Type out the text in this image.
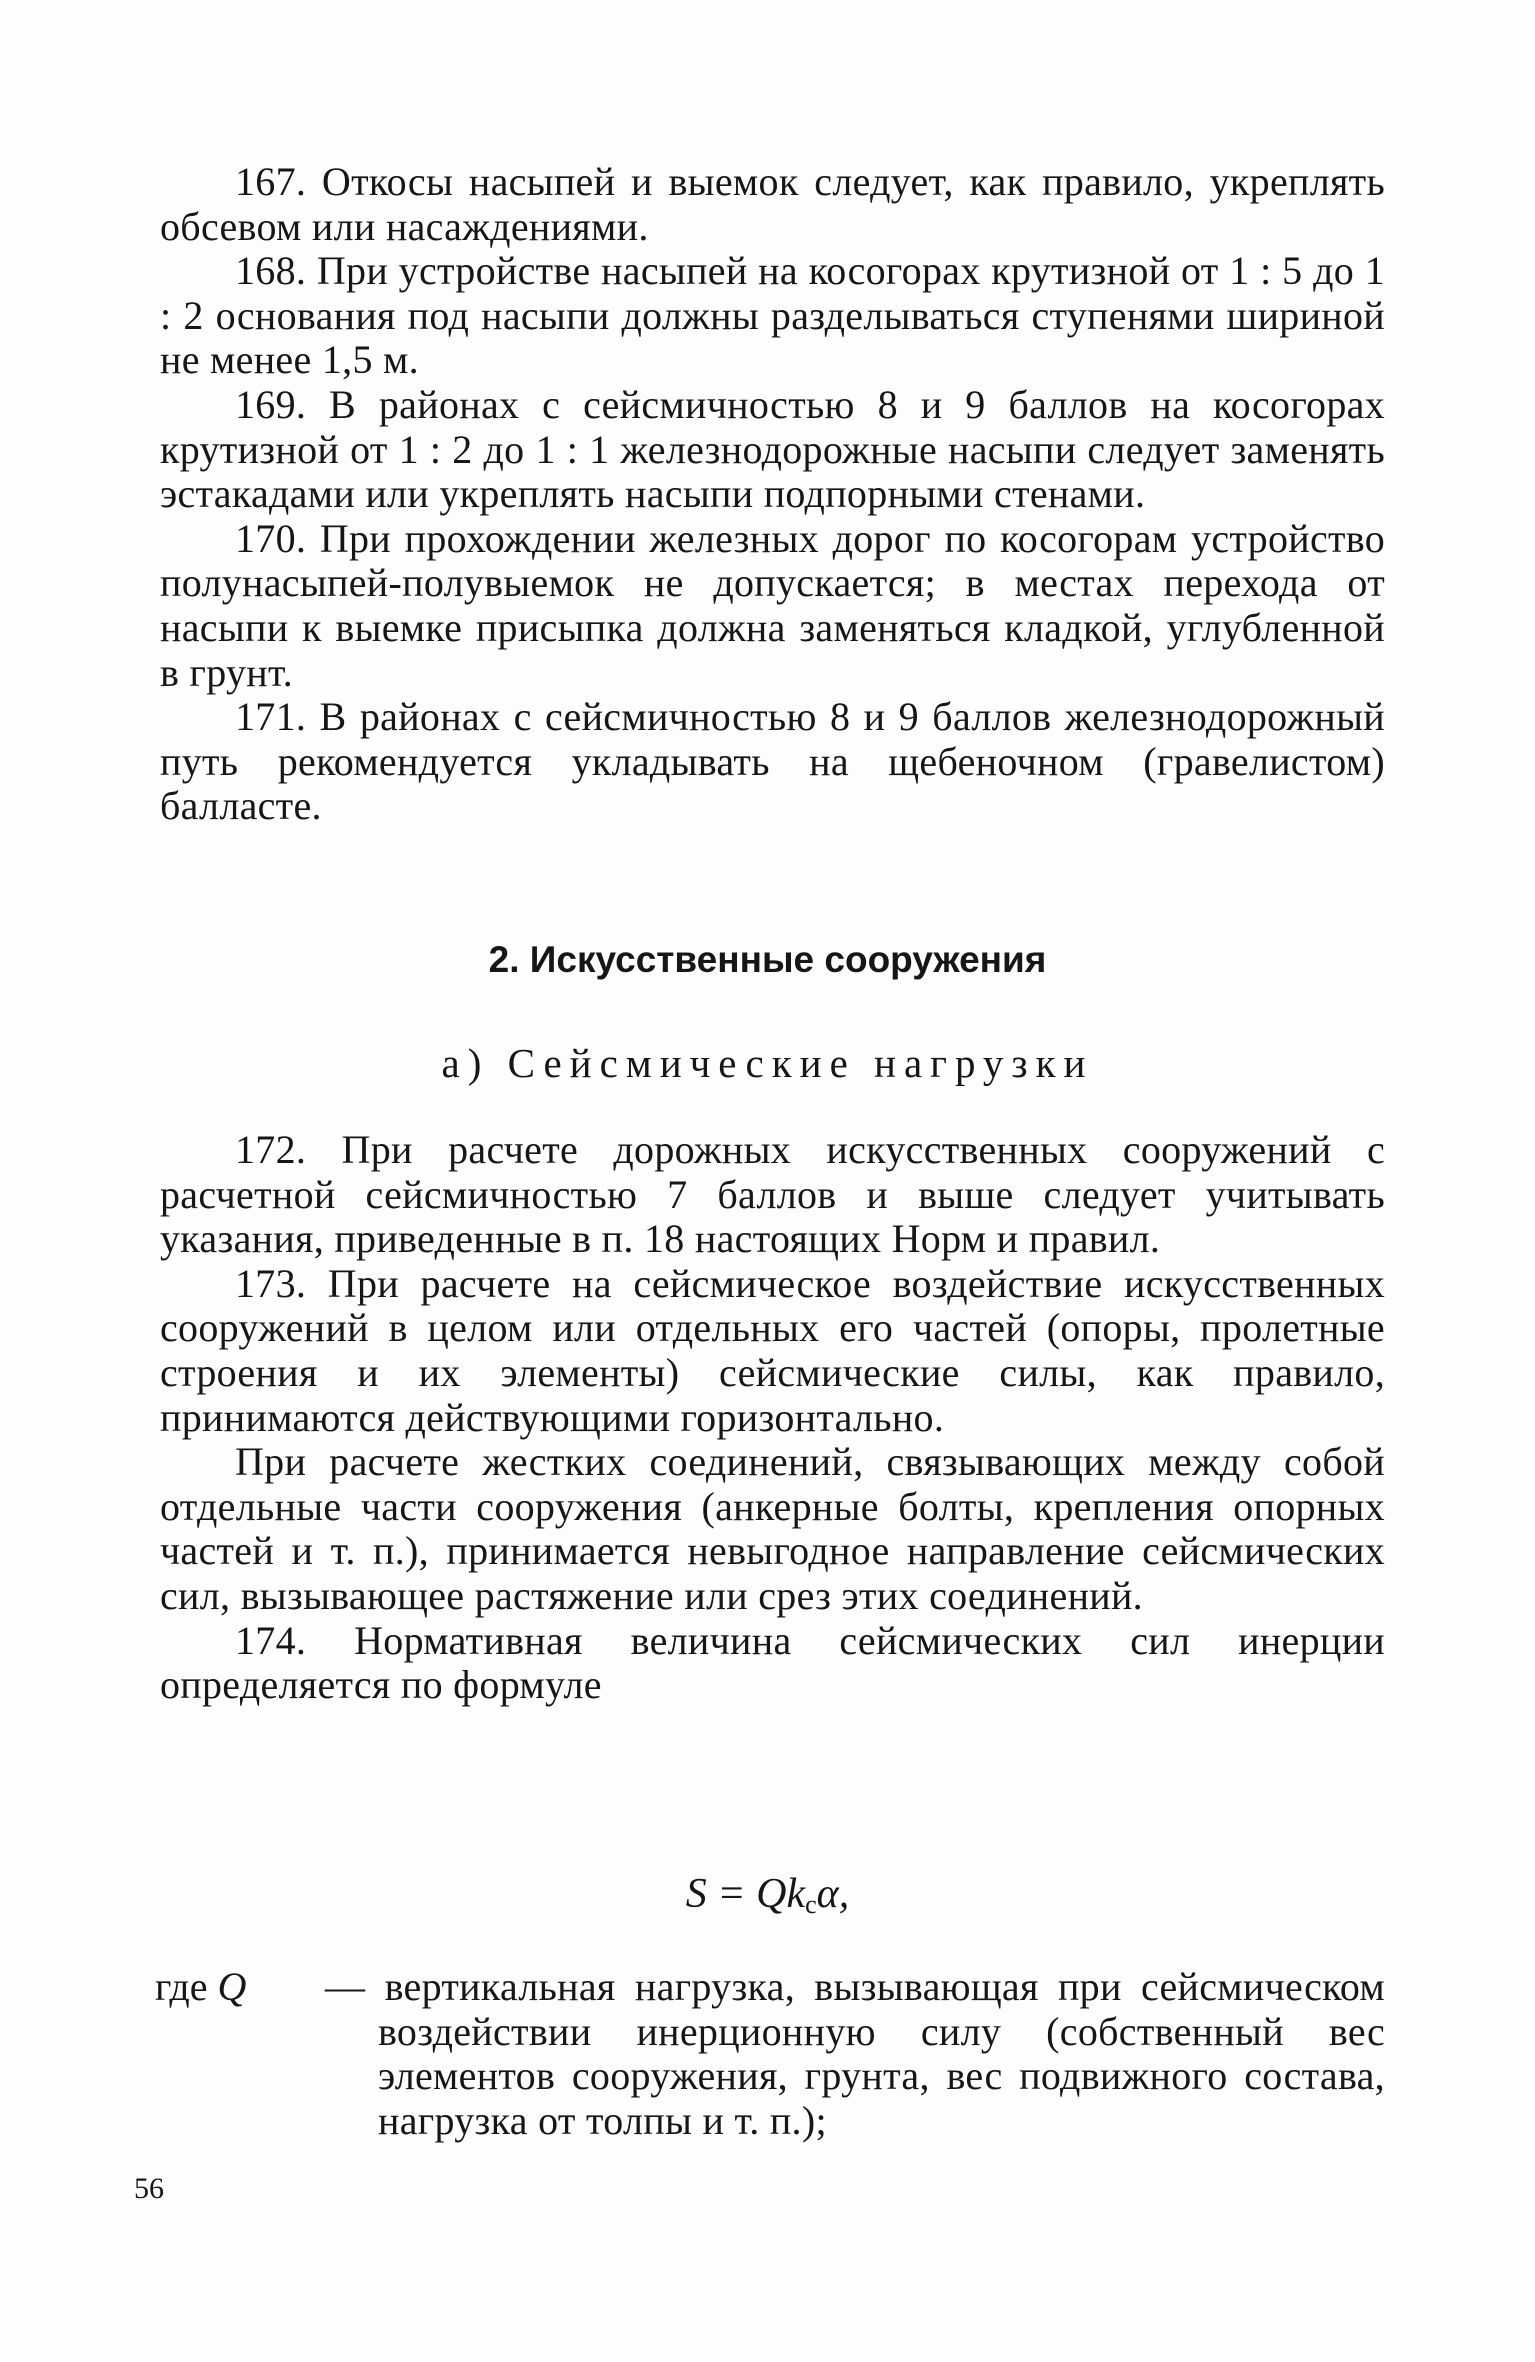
167. Откосы насыпей и выемок следует, как правило, укреплять обсевом или насаждениями.

168. При устройстве насыпей на косогорах крутизной от 1 : 5 до 1 : 2 основания под насыпи должны разделываться ступенями шириной не менее 1,5 м.

169. В районах с сейсмичностью 8 и 9 баллов на косогорах крутизной от 1 : 2 до 1 : 1 железнодорожные насыпи следует заменять эстакадами или укреплять насыпи подпорными стенами.

170. При прохождении железных дорог по косогорам устройство полунасыпей-полувыемок не допускается; в местах перехода от насыпи к выемке присыпка должна заменяться кладкой, углубленной в грунт.

171. В районах с сейсмичностью 8 и 9 баллов железнодорожный путь рекомендуется укладывать на щебеночном (гравелистом) балласте.

2. Искусственные сооружения
а) Сейсмические нагрузки

172. При расчете дорожных искусственных сооружений с расчетной сейсмичностью 7 баллов и выше следует учитывать указания, приведенные в п. 18 настоящих Норм и правил.

173. При расчете на сейсмическое воздействие искусственных сооружений в целом или отдельных его частей (опоры, пролетные строения и их элементы) сейсмические силы, как правило, принимаются действующими горизонтально.

При расчете жестких соединений, связывающих между собой отдельные части сооружения (анкерные болты, крепления опорных частей и т. п.), принимается невыгодное направление сейсмических сил, вызывающее растяжение или срез этих соединений.

174. Нормативная величина сейсмических сил инерции определяется по формуле

$S = Qk_c\alpha$,
где Q — вертикальная нагрузка, вызывающая при сейсмическом воздействии инерционную силу (собственный вес элементов сооружения, грунта, вес подвижного состава, нагрузка от толпы и т. п.);
56
